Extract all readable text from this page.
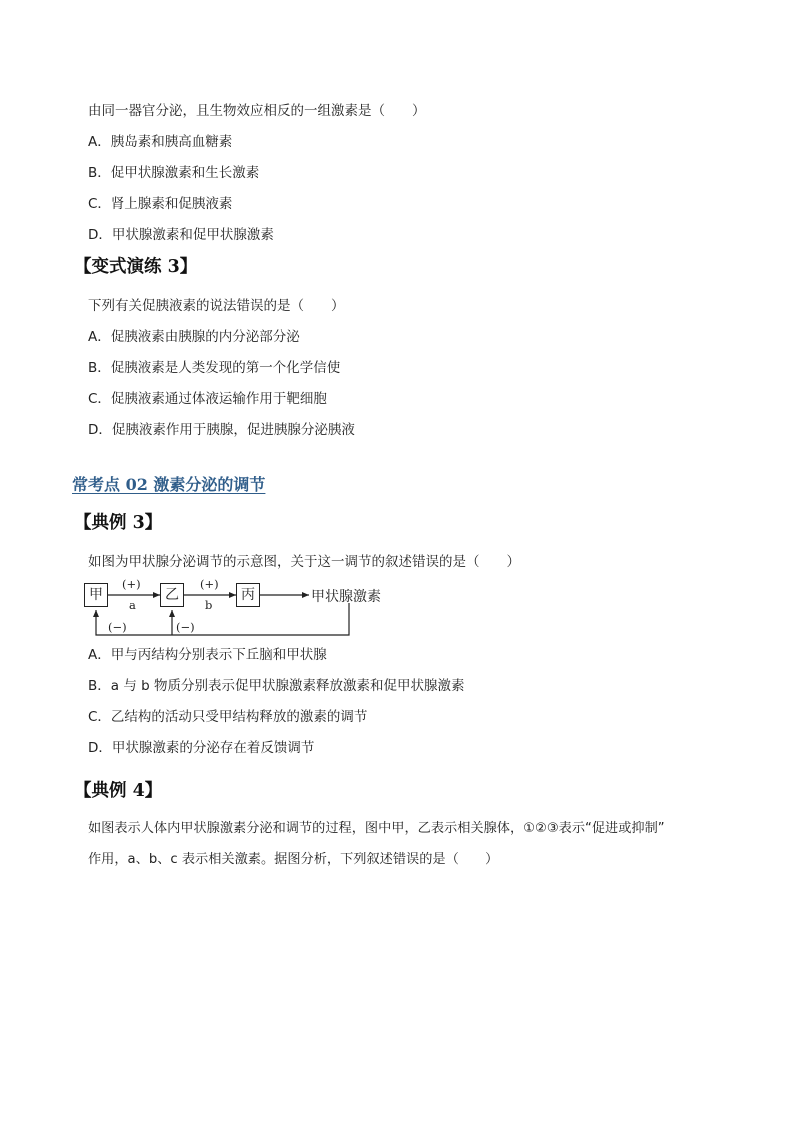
由同一器官分泌，且生物效应相反的一组激素是（　　）
A．胰岛素和胰高血糖素
B．促甲状腺激素和生长激素
C．肾上腺素和促胰液素
D．甲状腺激素和促甲状腺激素
【变式演练 3】
下列有关促胰液素的说法错误的是（　　）
A．促胰液素由胰腺的内分泌部分泌
B．促胰液素是人类发现的第一个化学信使
C．促胰液素通过体液运输作用于靶细胞
D．促胰液素作用于胰腺，促进胰腺分泌胰液
常考点 02 激素分泌的调节
【典例 3】
如图为甲状腺分泌调节的示意图，关于这一调节的叙述错误的是（　　）
甲	乙	丙
(+)	(+)
a	b
(−)	(−)
甲状腺激素
A．甲与丙结构分别表示下丘脑和甲状腺
B．a 与 b 物质分别表示促甲状腺激素释放激素和促甲状腺激素
C．乙结构的活动只受甲结构释放的激素的调节
D．甲状腺激素的分泌存在着反馈调节
【典例 4】
如图表示人体内甲状腺激素分泌和调节的过程，图中甲，乙表示相关腺体，①②③表示“促进或抑制”
作用，a、b、c 表示相关激素。据图分析，下列叙述错误的是（　　）
